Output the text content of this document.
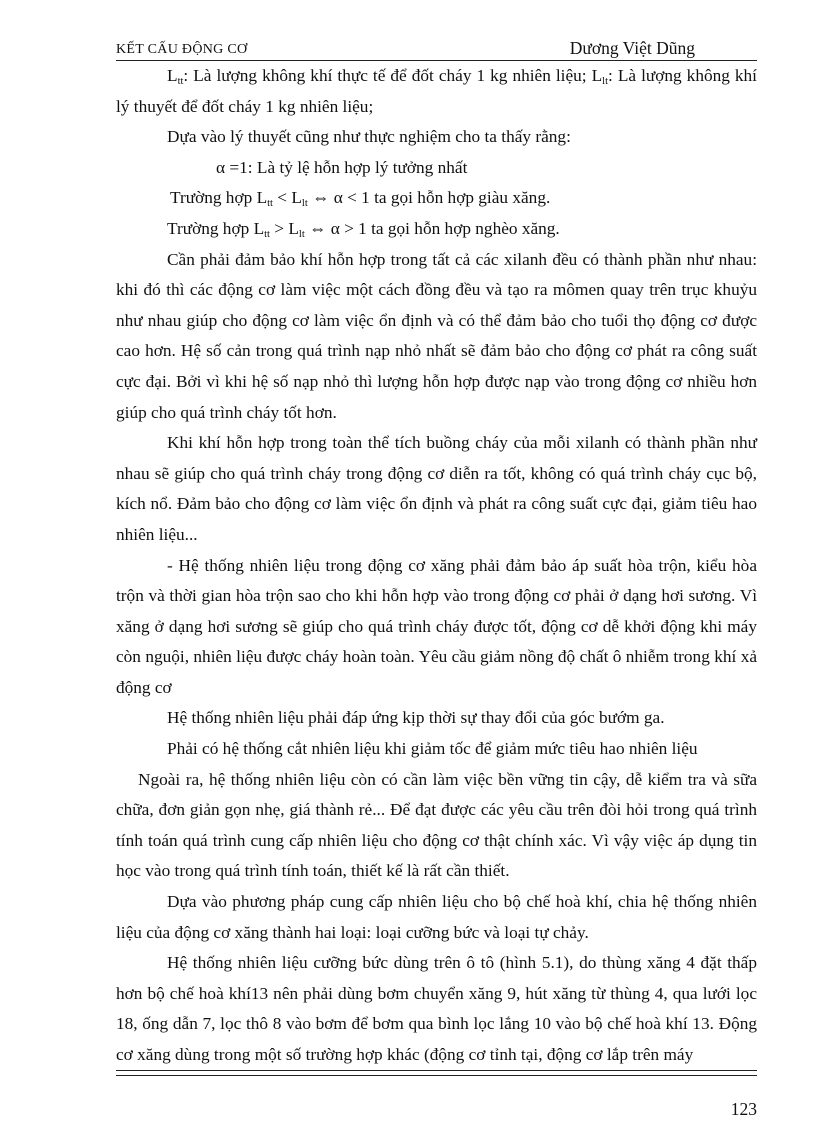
KẾT CẤU ĐỘNG CƠ	Dương Việt Dũng

$L_{tt}$: Là lượng không khí thực tế để đốt cháy 1 kg nhiên liệu; $L_{lt}$: Là lượng không khí lý thuyết để đốt cháy 1 kg nhiên liệu;

Dựa vào lý thuyết cũng như thực nghiệm cho ta thấy rằng:

α =1: Là tỷ lệ hỗn hợp lý tưởng nhất

Trường hợp $L_{tt} < L_{lt}$ ⇔ α < 1 ta gọi hỗn hợp giàu xăng.

Trường hợp $L_{tt} > L_{lt}$ ⇔ α > 1 ta gọi hỗn hợp nghèo xăng.

Cần phải đảm bảo khí hỗn hợp trong tất cả các xilanh đều có thành phần như nhau: khi đó thì các động cơ làm việc một cách đồng đều và tạo ra mômen quay trên trục khuỷu như nhau giúp cho động cơ làm việc ổn định và có thể đảm bảo cho tuổi thọ động cơ được cao hơn. Hệ số cản trong quá trình nạp nhỏ nhất sẽ đảm bảo cho động cơ phát ra công suất cực đại. Bởi vì khi hệ số nạp nhỏ thì lượng hỗn hợp được nạp vào trong động cơ nhiều hơn giúp cho quá trình cháy tốt hơn.

Khi khí hỗn hợp trong toàn thể tích buồng cháy của mỗi xilanh có thành phần như nhau sẽ giúp cho quá trình cháy trong động cơ diễn ra tốt, không có quá trình cháy cục bộ, kích nổ. Đảm bảo cho động cơ làm việc ổn định và phát ra công suất cực đại, giảm tiêu hao nhiên liệu...

- Hệ thống nhiên liệu trong động cơ xăng phải đảm bảo áp suất hòa trộn, kiểu hòa trộn và thời gian hòa trộn sao cho khi hỗn hợp vào trong động cơ phải ở dạng hơi sương. Vì xăng ở dạng hơi sương sẽ giúp cho quá trình cháy được tốt, động cơ dễ khởi động khi máy còn nguội, nhiên liệu được cháy hoàn toàn. Yêu cầu giảm nồng độ chất ô nhiễm trong khí xả động cơ

Hệ thống nhiên liệu phải đáp ứng kịp thời sự thay đổi của góc bướm ga.

Phải có hệ thống cắt nhiên liệu khi giảm tốc để giảm mức tiêu hao nhiên liệu

Ngoài ra, hệ thống nhiên liệu còn có cần làm việc bền vững tin cậy, dễ kiểm tra và sữa chữa, đơn giản gọn nhẹ, giá thành rẻ... Để đạt được các yêu cầu trên đòi hỏi trong quá trình tính toán quá trình cung cấp nhiên liệu cho động cơ thật chính xác. Vì vậy việc áp dụng tin học vào trong quá trình tính toán, thiết kế là rất cần thiết.

Dựa vào phương pháp cung cấp nhiên liệu cho bộ chế hoà khí, chia hệ thống nhiên liệu của động cơ xăng thành hai loại: loại cưỡng bức và loại tự chảy.

Hệ thống nhiên liệu cưỡng bức dùng trên ô tô (hình 5.1), do thùng xăng 4 đặt thấp hơn bộ chế hoà khí13 nên phải dùng bơm chuyển xăng 9, hút xăng từ thùng 4, qua lưới lọc 18, ống dẫn 7, lọc thô 8 vào bơm để bơm qua bình lọc lắng 10 vào bộ chế hoà khí 13. Động cơ xăng dùng trong một số trường hợp khác (động cơ tỉnh tại, động cơ lắp trên máy

123
